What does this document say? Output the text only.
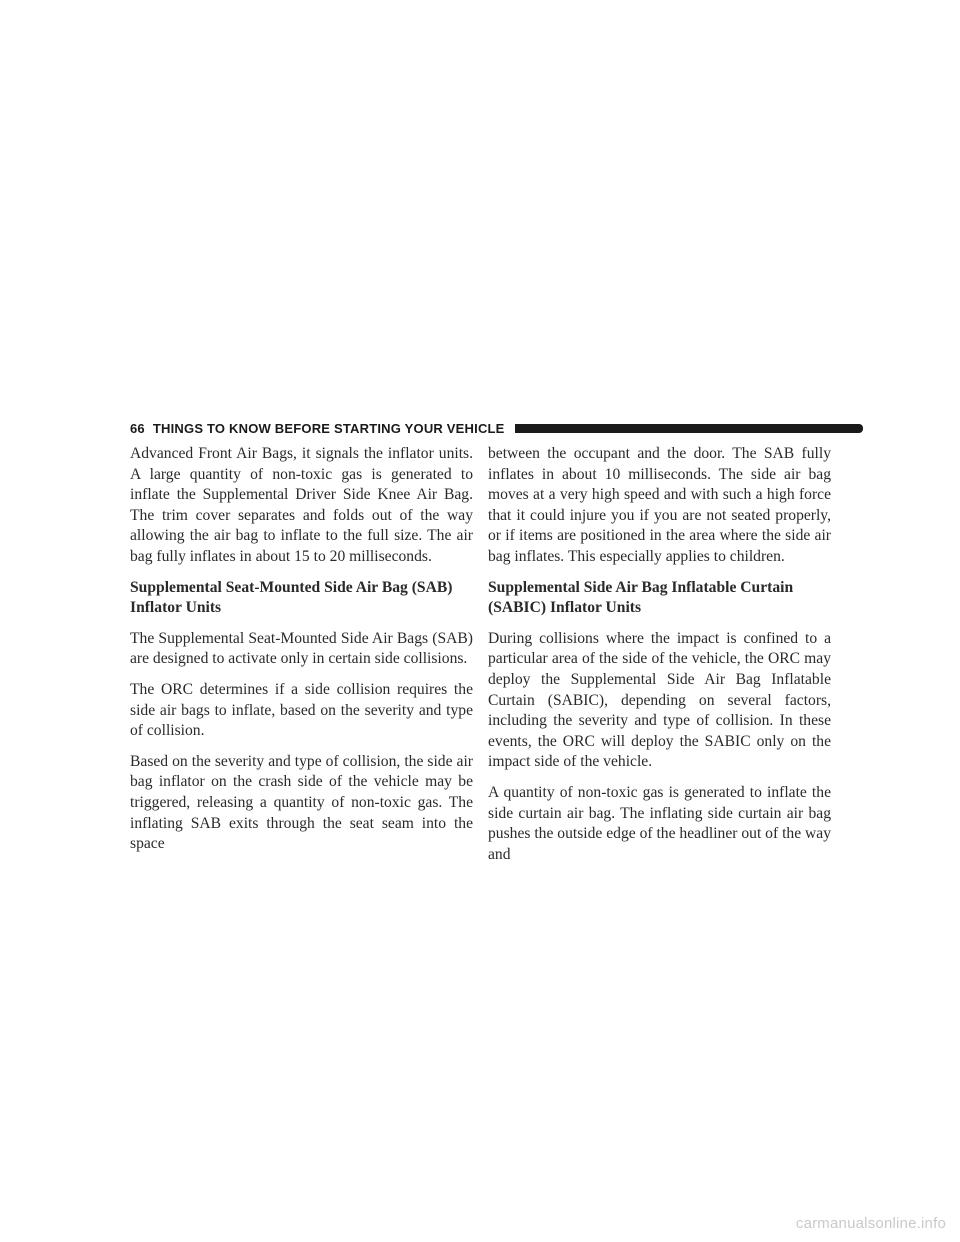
66 THINGS TO KNOW BEFORE STARTING YOUR VEHICLE

Advanced Front Air Bags, it signals the inflator units. A large quantity of non-toxic gas is generated to inflate the Supplemental Driver Side Knee Air Bag. The trim cover separates and folds out of the way allowing the air bag to inflate to the full size. The air bag fully inflates in about 15 to 20 milliseconds.

Supplemental Seat-Mounted Side Air Bag (SAB) Inflator Units

The Supplemental Seat-Mounted Side Air Bags (SAB) are designed to activate only in certain side collisions.

The ORC determines if a side collision requires the side air bags to inflate, based on the severity and type of collision.

Based on the severity and type of collision, the side air bag inflator on the crash side of the vehicle may be triggered, releasing a quantity of non-toxic gas. The inflating SAB exits through the seat seam into the space

between the occupant and the door. The SAB fully inflates in about 10 milliseconds. The side air bag moves at a very high speed and with such a high force that it could injure you if you are not seated properly, or if items are positioned in the area where the side air bag inflates. This especially applies to children.

Supplemental Side Air Bag Inflatable Curtain (SABIC) Inflator Units

During collisions where the impact is confined to a particular area of the side of the vehicle, the ORC may deploy the Supplemental Side Air Bag Inflatable Curtain (SABIC), depending on several factors, including the severity and type of collision. In these events, the ORC will deploy the SABIC only on the impact side of the vehicle.

A quantity of non-toxic gas is generated to inflate the side curtain air bag. The inflating side curtain air bag pushes the outside edge of the headliner out of the way and

carmanualsonline.info
